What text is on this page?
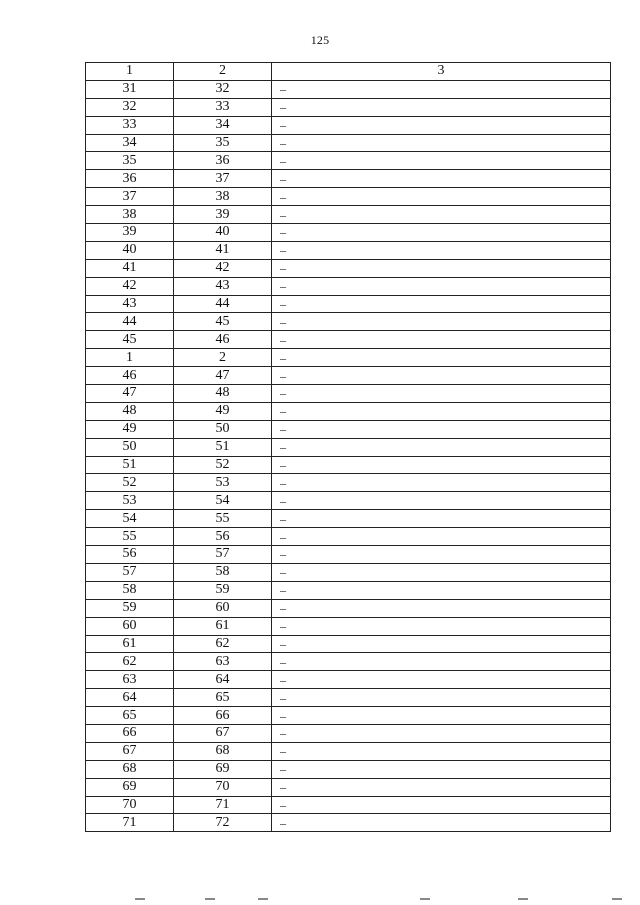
125
1	2	3
31	32	–
32	33	–
33	34	–
34	35	–
35	36	–
36	37	–
37	38	–
38	39	–
39	40	–
40	41	–
41	42	–
42	43	–
43	44	–
44	45	–
45	46	–
1	2	–
46	47	–
47	48	–
48	49	–
49	50	–
50	51	–
51	52	–
52	53	–
53	54	–
54	55	–
55	56	–
56	57	–
57	58	–
58	59	–
59	60	–
60	61	–
61	62	–
62	63	–
63	64	–
64	65	–
65	66	–
66	67	–
67	68	–
68	69	–
69	70	–
70	71	–
71	72	–
